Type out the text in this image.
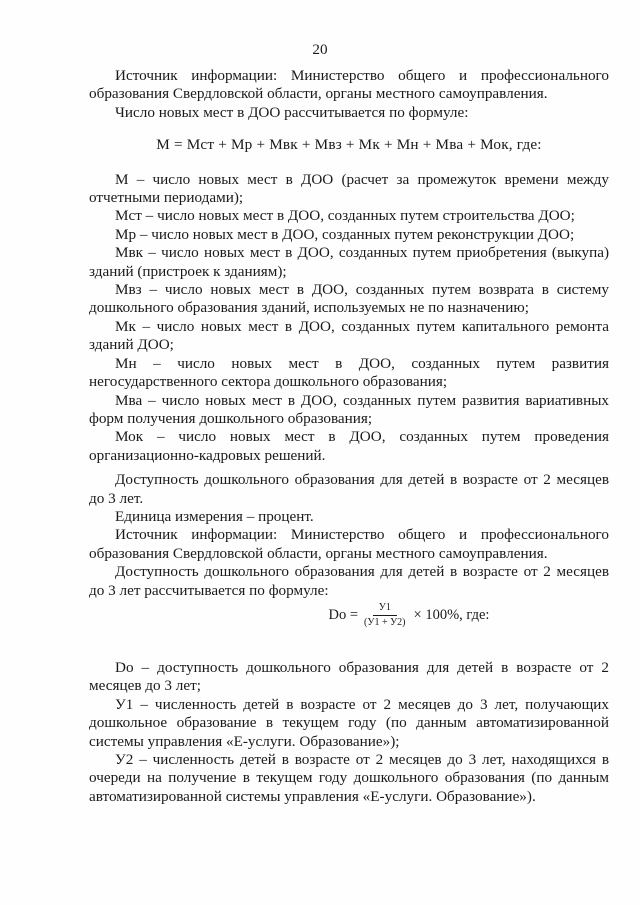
20

Источник информации: Министерство общего и профессионального образования Свердловской области, органы местного самоуправления.

Число новых мест в ДОО рассчитывается по формуле:

М = Мст + Мр + Мвк + Мвз + Мк + Мн + Мва + Мок, где:

М – число новых мест в ДОО (расчет за промежуток времени между отчетными периодами);

Мст – число новых мест в ДОО, созданных путем строительства ДОО;

Мр – число новых мест в ДОО, созданных путем реконструкции ДОО;

Мвк – число новых мест в ДОО, созданных путем приобретения (выкупа) зданий (пристроек к зданиям);

Мвз – число новых мест в ДОО, созданных путем возврата в систему дошкольного образования зданий, используемых не по назначению;

Мк – число новых мест в ДОО, созданных путем капитального ремонта зданий ДОО;

Мн – число новых мест в ДОО, созданных путем развития негосударственного сектора дошкольного образования;

Мва – число новых мест в ДОО, созданных путем развития вариативных форм получения дошкольного образования;

Мок – число новых мест в ДОО, созданных путем проведения организационно-кадровых решений.

Доступность дошкольного образования для детей в возрасте от 2 месяцев до 3 лет.

Единица измерения – процент.

Источник информации: Министерство общего и профессионального образования Свердловской области, органы местного самоуправления.

Доступность дошкольного образования для детей в возрасте от 2 месяцев до 3 лет рассчитывается по формуле:

Dо = $\frac{У1}{(У1 + У2)} \times 100\%$, где:

Dо – доступность дошкольного образования для детей в возрасте от 2 месяцев до 3 лет;

У1 – численность детей в возрасте от 2 месяцев до 3 лет, получающих дошкольное образование в текущем году (по данным автоматизированной системы управления «Е-услуги. Образование»);

У2 – численность детей в возрасте от 2 месяцев до 3 лет, находящихся в очереди на получение в текущем году дошкольного образования (по данным автоматизированной системы управления «Е-услуги. Образование»).
